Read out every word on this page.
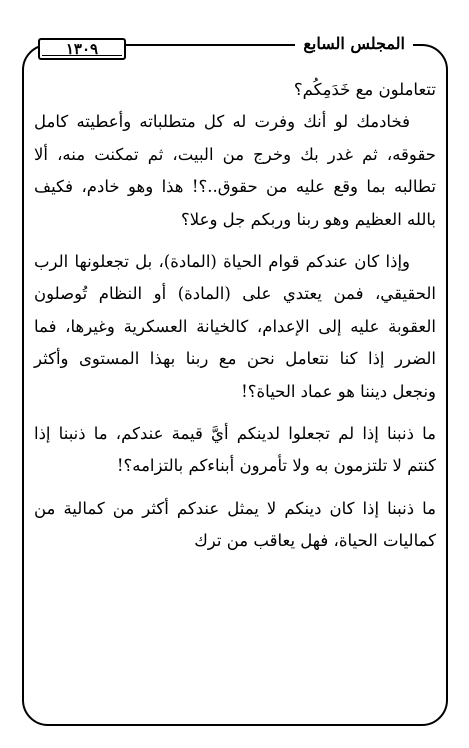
المجلس السابع
١٣٠٩

تتعاملون مع خَدَمِكُم؟

فخادمك لو أنك وفرت له كل متطلباته وأعطيته كامل حقوقه، ثم غدر بك وخرج من البيت، ثم تمكنت منه، ألا تطالبه بما وقع عليه من حقوق..؟! هذا وهو خادم، فكيف بالله العظيم وهو ربنا وربكم جل وعلا؟

وإذا كان عندكم قوام الحياة (المادة)، بل تجعلونها الرب الحقيقي، فمن يعتدي على (المادة) أو النظام تُوصلون العقوبة عليه إلى الإعدام، كالخيانة العسكرية وغيرها، فما الضرر إذا كنا نتعامل نحن مع ربنا بهذا المستوى وأكثر ونجعل ديننا هو عماد الحياة؟!

ما ذنبنا إذا لم تجعلوا لدينكم أيَّ قيمة عندكم، ما ذنبنا إذا كنتم لا تلتزمون به ولا تأمرون أبناءكم بالتزامه؟!

ما ذنبنا إذا كان دينكم لا يمثل عندكم أكثر من كمالية من كماليات الحياة، فهل يعاقب من ترك
